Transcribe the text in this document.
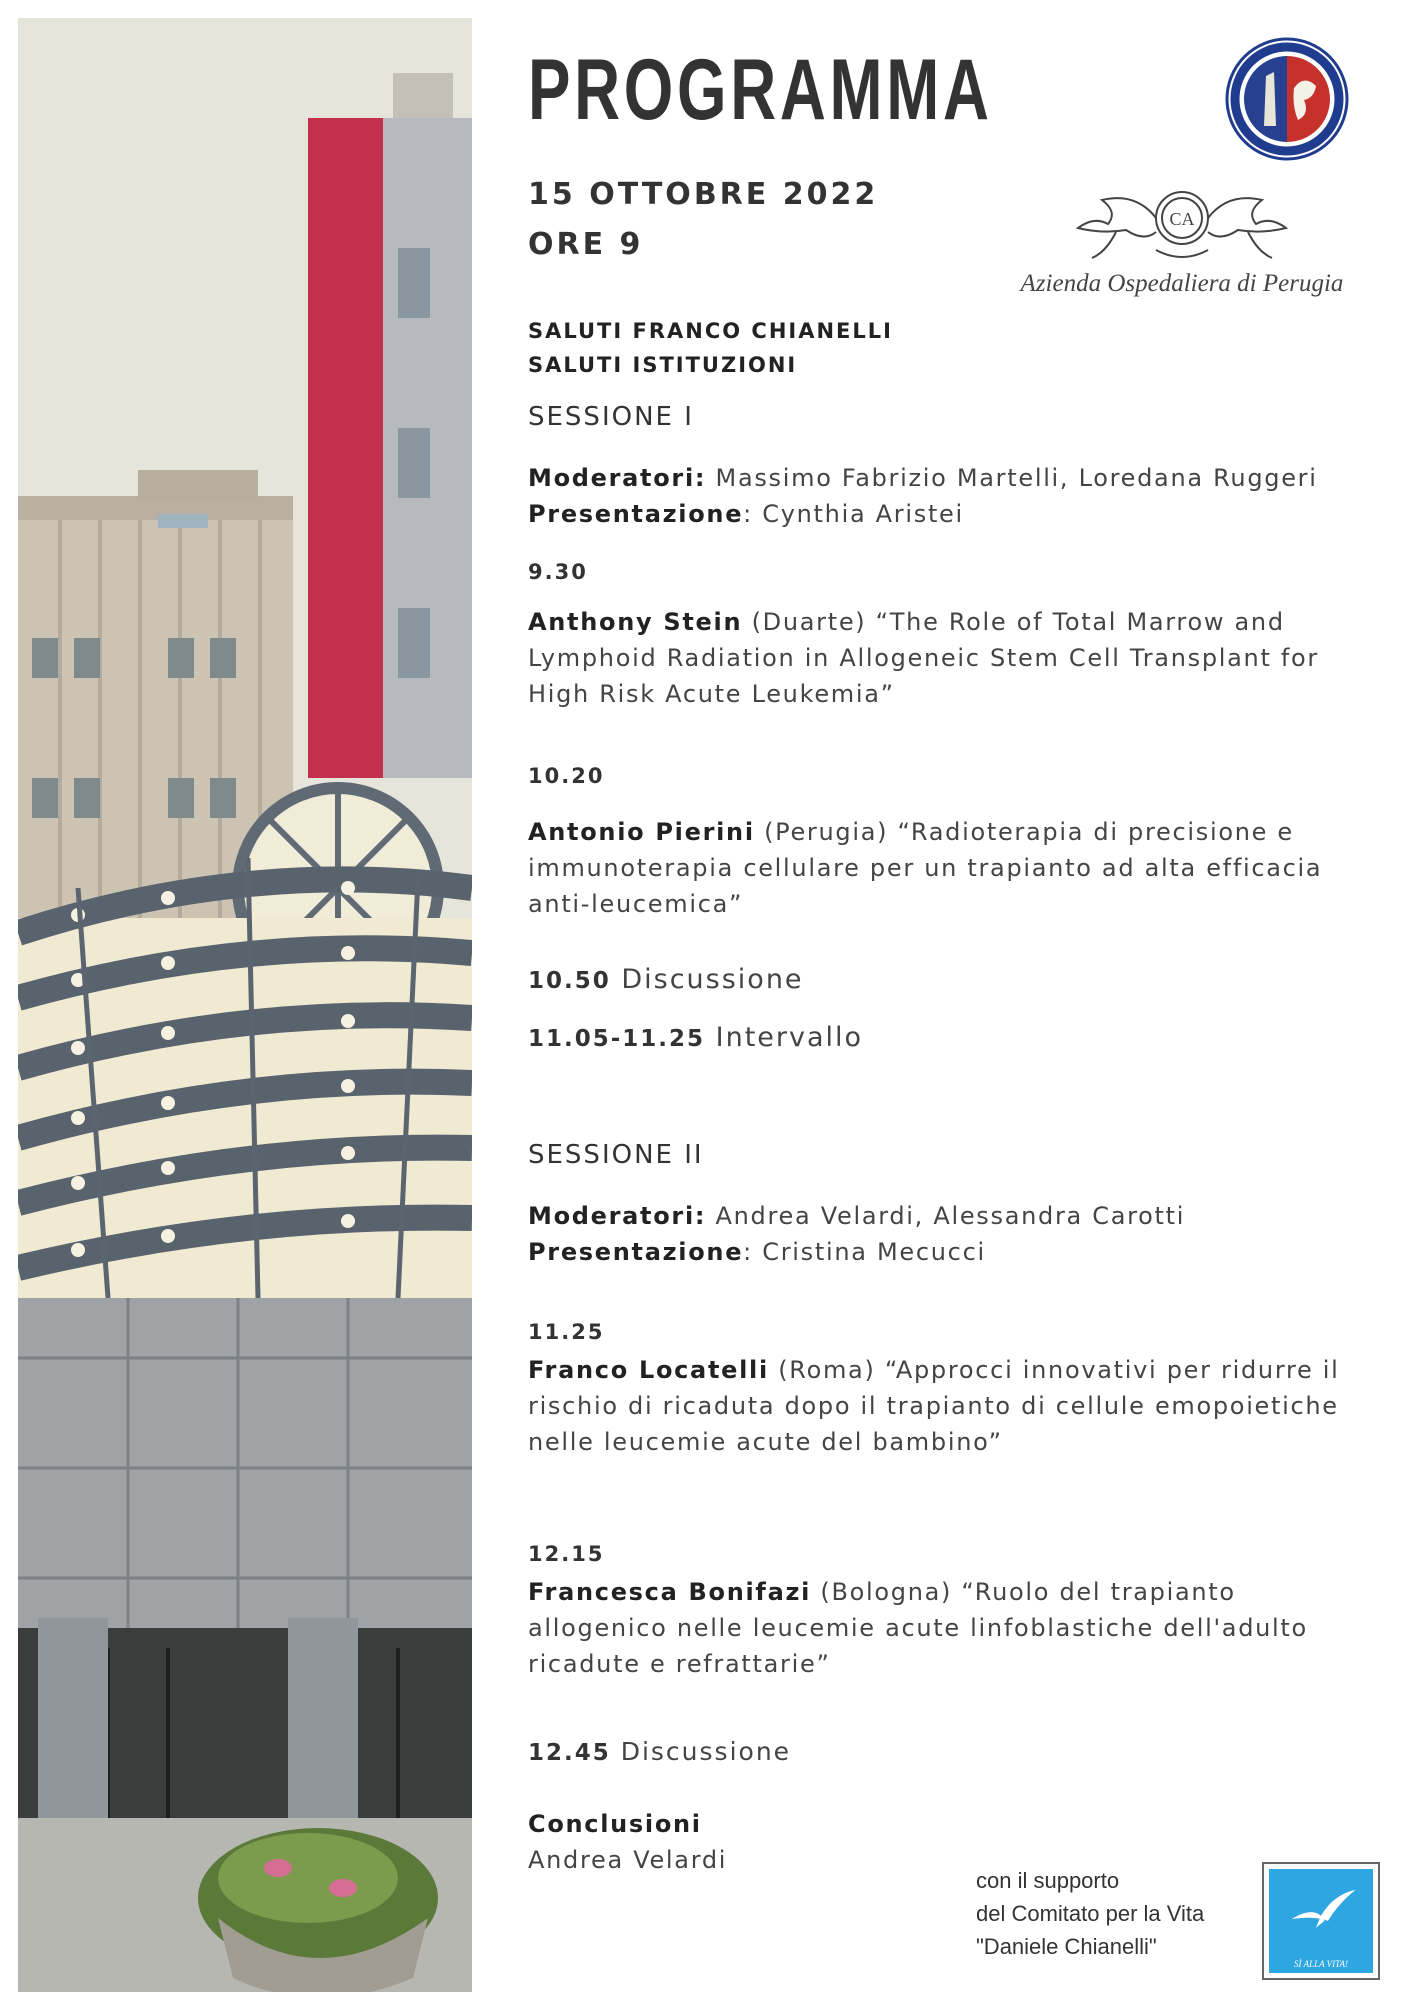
PROGRAMMA
15 OTTOBRE 2022
ORE 9
SALUTI FRANCO CHIANELLI
SALUTI ISTITUZIONI
CA
Azienda Ospedaliera di Perugia
SESSIONE I
Moderatori: Massimo Fabrizio Martelli, Loredana Ruggeri
Presentazione: Cynthia Aristei
9.30
Anthony Stein (Duarte) “The Role of Total Marrow and Lymphoid Radiation in Allogeneic Stem Cell Transplant for High Risk Acute Leukemia”
10.20
Antonio Pierini (Perugia) “Radioterapia di precisione e immunoterapia cellulare per un trapianto ad alta efficacia anti-leucemica”
10.50 Discussione
11.05-11.25 Intervallo
SESSIONE II
Moderatori: Andrea Velardi, Alessandra Carotti
Presentazione: Cristina Mecucci
11.25
Franco Locatelli (Roma) “Approcci innovativi per ridurre il rischio di ricaduta dopo il trapianto di cellule emopoietiche nelle leucemie acute del bambino”
12.15
Francesca Bonifazi (Bologna) “Ruolo del trapianto allogenico nelle leucemie acute linfoblastiche dell'adulto ricadute e refrattarie”
12.45 Discussione
Conclusioni
Andrea Velardi
con il supporto
del Comitato per la Vita
"Daniele Chianelli"
SÌ ALLA VITA!
